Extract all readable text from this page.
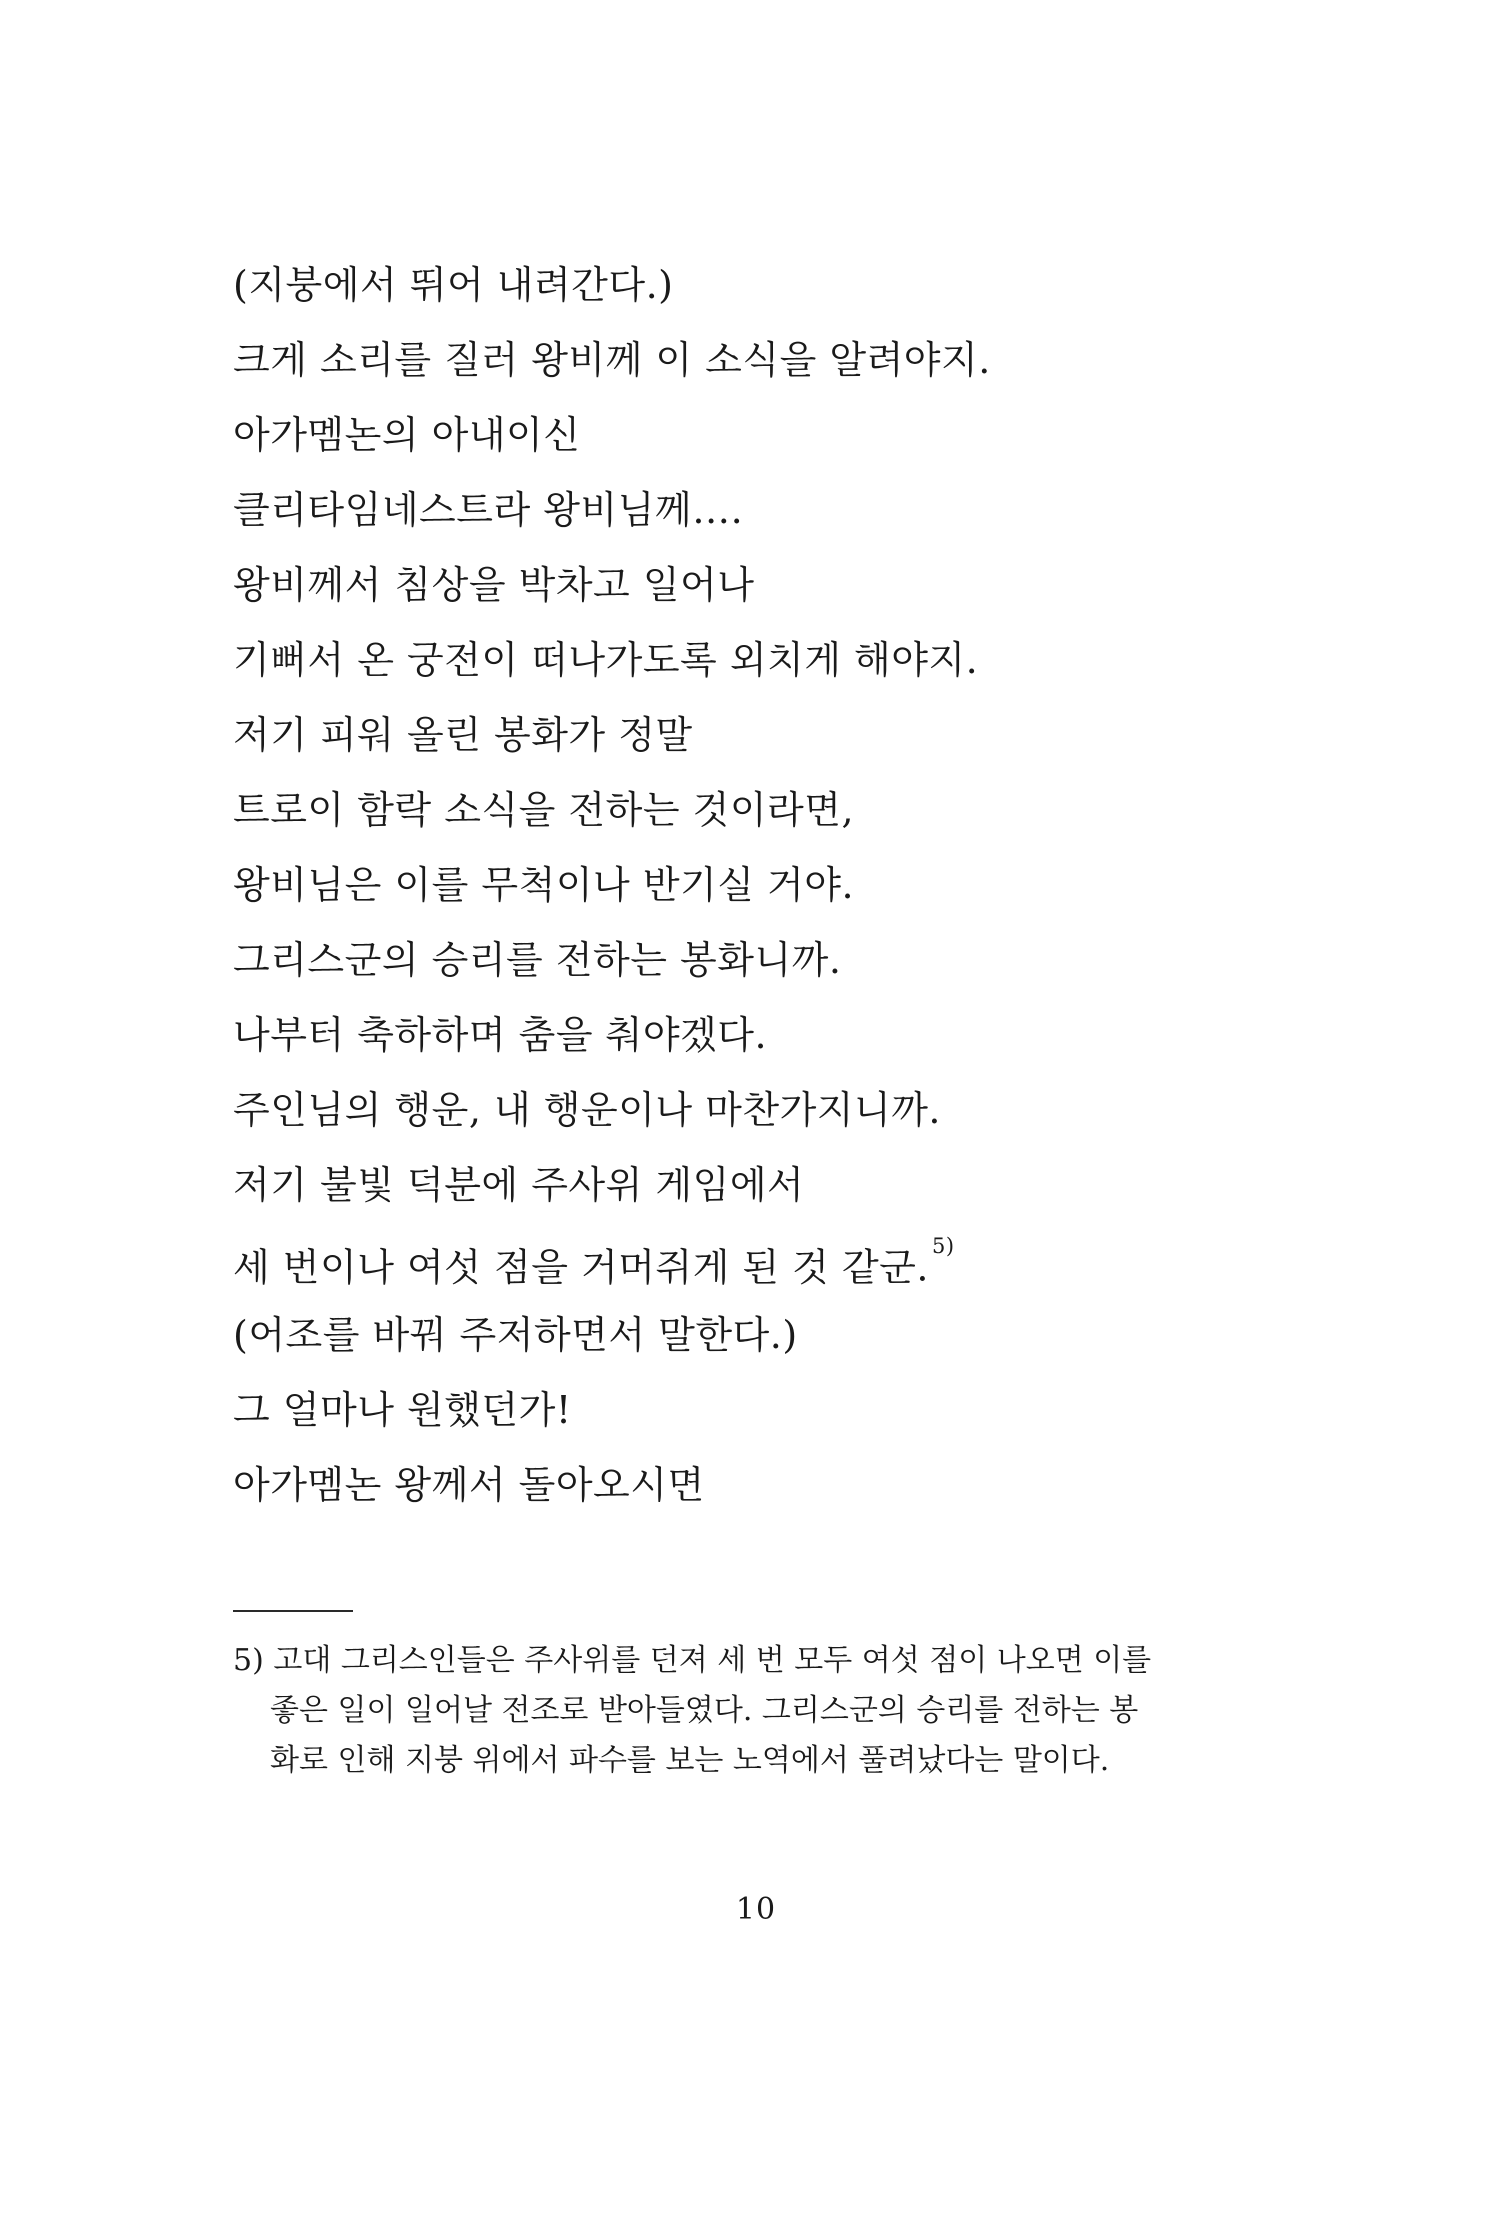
(지붕에서 뛰어 내려간다.)
크게 소리를 질러 왕비께 이 소식을 알려야지.
아가멤논의 아내이신
클리타임네스트라 왕비님께….
왕비께서 침상을 박차고 일어나
기뻐서 온 궁전이 떠나가도록 외치게 해야지.
저기 피워 올린 봉화가 정말
트로이 함락 소식을 전하는 것이라면,
왕비님은 이를 무척이나 반기실 거야.
그리스군의 승리를 전하는 봉화니까.
나부터 축하하며 춤을 춰야겠다.
주인님의 행운, 내 행운이나 마찬가지니까.
저기 불빛 덕분에 주사위 게임에서
세 번이나 여섯 점을 거머쥐게 된 것 같군. $^{5)}$
(어조를 바꿔 주저하면서 말한다.)
그 얼마나 원했던가!
아가멤논 왕께서 돌아오시면
5) 고대 그리스인들은 주사위를 던져 세 번 모두 여섯 점이 나오면 이를
좋은 일이 일어날 전조로 받아들였다. 그리스군의 승리를 전하는 봉
화로 인해 지붕 위에서 파수를 보는 노역에서 풀려났다는 말이다.
10
